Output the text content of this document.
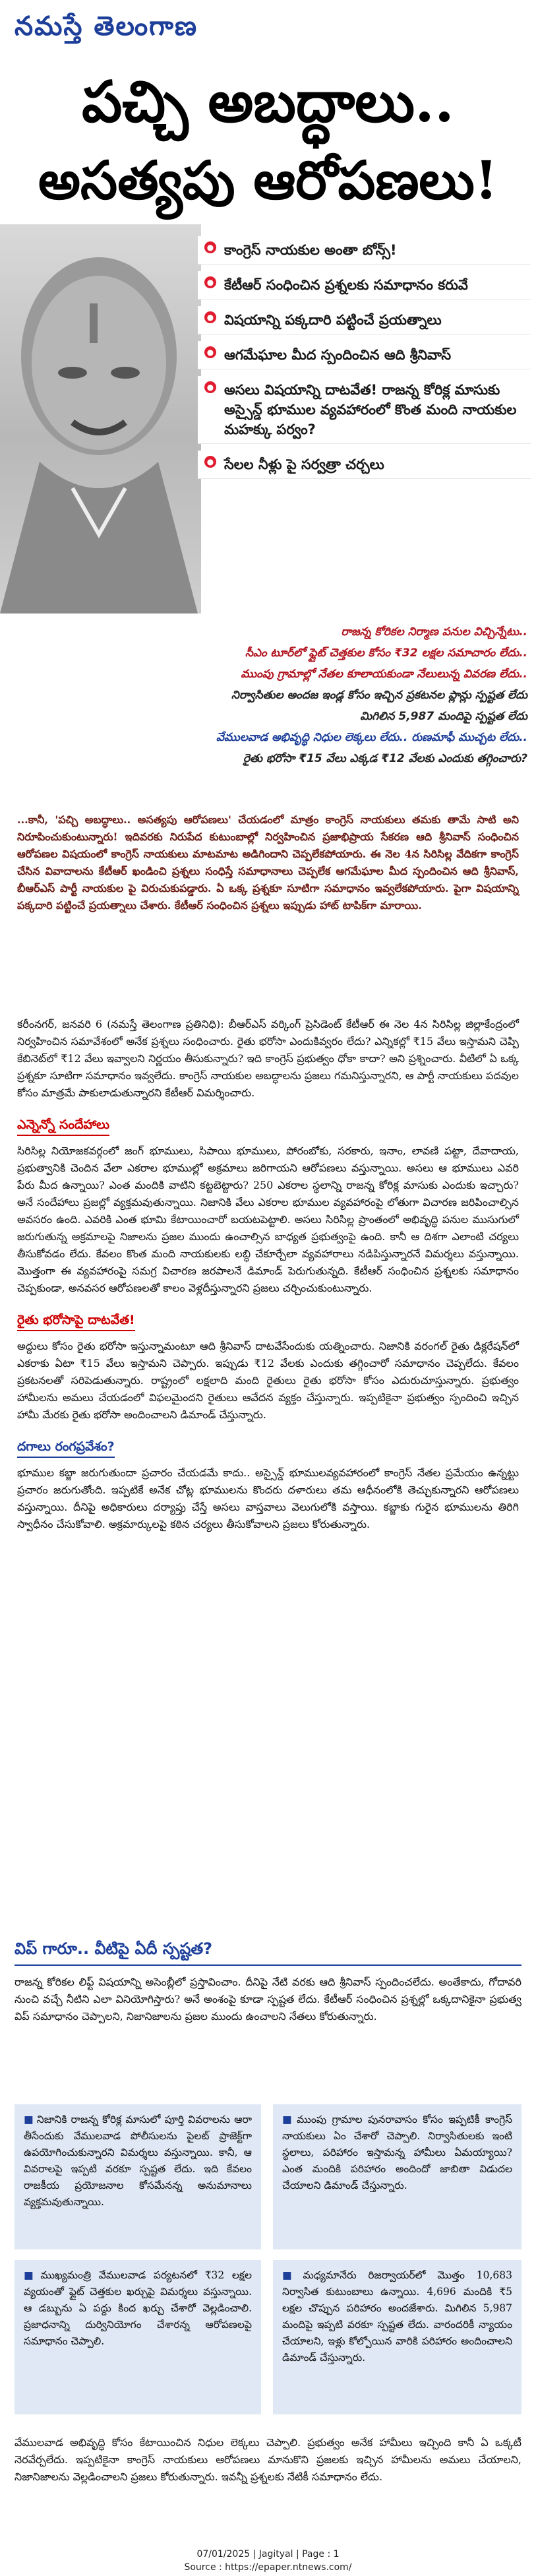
నమస్తే తెలంగాణ
పచ్చి అబద్ధాలు..
అసత్యపు ఆరోపణలు!
● కాంగ్రెస్ నాయకుల అంతా బోన్స్!
● కేటీఆర్ సంధించిన ప్రశ్నలకు సమాధానం కరువే
● విషయాన్ని పక్కదారి పట్టించే ప్రయత్నాలు
● ఆగమేఘాల మీద స్పందించిన ఆది శ్రీనివాస్
● అసలు విషయాన్ని దాటవేత! రాజన్న కోరిక్ల మాసుకు అస్సైన్డ్ భూముల వ్యవహారంలో కొంత మంది నాయకుల మహక్కు పర్వం?
● సేలల నీళ్లు పై సర్వత్రా చర్చలు
రాజన్న కోరికల నిర్మాణ పనుల విచ్చిన్నేటు..
సీఎం టూర్‌లో ఫ్లైట్ చెత్తకుల కోసం ₹32 లక్షల సమాచారం లేదు..
ముంపు గ్రామాల్లో నేతల కూలాయకుండా నేలులున్న వివరణ లేదు..
నిర్వాసితుల అందజ ఇండ్ల కోసం ఇచ్చిన ప్రకటనల ప్లాన్లు స్పష్టత లేదు
మిగిలిన 5,987 మందిపై స్పష్టత లేదు
వేములవాడ అభివృద్ధి నిధుల లెక్కలు లేదు.. రుణమాఫీ ముచ్చట లేదు..
రైతు భరోసా ₹15 వేలు ఎక్కడ ₹12 వేలకు ఎందుకు తగ్గించారు?
...కానీ, 'పచ్చి అబద్ధాలు.. అసత్యపు ఆరోపణలు' చేయడంలో మాత్రం కాంగ్రెస్ నాయకులు తమకు తామే సాటి అని నిరూపించుకుంటున్నారు! ఇదివరకు నిరుపేద కుటుంబాల్లో నిర్వహించిన ప్రజాభిప్రాయ సేకరణ ఆది శ్రీనివాస్ సంధించిన ఆరోపణల విషయంలో కాంగ్రెస్ నాయకులు మాటమాట అడిగిందాని చెప్పలేకపోయారు. ఈ నెల 4న సిరిసిల్ల వేదికగా కాంగ్రెస్ చేసిన వివాదాలను కేటీఆర్ ఖండించి ప్రశ్నలు సంధిస్తే సమాధానాలు చెప్పలేక ఆగమేఘాల మీద స్పందించిన ఆది శ్రీనివాస్, బీఆర్ఎస్ పార్టీ నాయకుల పై విరుచుకుపడ్డారు. ఏ ఒక్క ప్రశ్నకూ సూటిగా సమాధానం ఇవ్వలేకపోయారు. పైగా విషయాన్ని పక్కదారి పట్టించే ప్రయత్నాలు చేశారు. కేటీఆర్ సంధించిన ప్రశ్నలు ఇప్పుడు హాట్ టాపిక్‌గా మారాయి.

కరీంనగర్, జనవరి 6 (నమస్తే తెలంగాణ ప్రతినిధి): బీఆర్ఎస్ వర్కింగ్ ప్రెసిడెంట్ కేటీఆర్ ఈ నెల 4న సిరిసిల్ల జిల్లాకేంద్రంలో నిర్వహించిన సమావేశంలో అనేక ప్రశ్నలు సంధించారు. రైతు భరోసా ఎందుకివ్వరం లేదు? ఎన్నికల్లో ₹15 వేలు ఇస్తామని చెప్పి కేబినెట్‌లో ₹12 వేలు ఇవ్వాలని నిర్ణయం తీసుకున్నారు? ఇది కాంగ్రెస్ ప్రభుత్వం ధోకా కాదా? అని ప్రశ్నించారు. వీటిలో ఏ ఒక్క ప్రశ్నకూ సూటిగా సమాధానం ఇవ్వలేదు. కాంగ్రెస్ నాయకుల అబద్ధాలను ప్రజలు గమనిస్తున్నారని, ఆ పార్టీ నాయకులు పదవుల కోసం మాత్రమే పాకులాడుతున్నారని కేటీఆర్ విమర్శించారు.

ఎన్నెన్నో సందేహాలు

సిరిసిల్ల నియోజకవర్గంలో జంగ్ భూములు, సిపాయి భూములు, పోరంబోకు, సరకారు, ఇనాం, లావణి పట్టా, దేవాదాయ, ప్రభుత్వానికి చెందిన వేలా ఎకరాల భూముల్లో అక్రమాలు జరిగాయని ఆరోపణలు వస్తున్నాయి. అసలు ఆ భూములు ఎవరి పేరు మీద ఉన్నాయి? ఎంత మందికి వాటిని కట్టబెట్టారు? 250 ఎకరాల స్థలాన్ని రాజన్న కోరిక్ల మాసుకు ఎందుకు ఇచ్చారు? అనే సందేహాలు ప్రజల్లో వ్యక్తమవుతున్నాయి. నిజానికి వేలు ఎకరాల భూముల వ్యవహారంపై లోతుగా విచారణ జరిపించాల్సిన అవసరం ఉంది. ఎవరికి ఎంత భూమి కేటాయించారో బయటపెట్టాలి. అసలు సిరిసిల్ల ప్రాంతంలో అభివృద్ధి పనుల ముసుగులో జరుగుతున్న అక్రమాలపై నిజాలను ప్రజల ముందు ఉంచాల్సిన బాధ్యత ప్రభుత్వంపై ఉంది. కానీ ఆ దిశగా ఎలాంటి చర్యలు తీసుకోవడం లేదు. కేవలం కొంత మంది నాయకులకు లబ్ధి చేకూర్చేలా వ్యవహారాలు నడిపిస్తున్నారనే విమర్శలు వస్తున్నాయి. మొత్తంగా ఈ వ్యవహారంపై సమగ్ర విచారణ జరపాలనే డిమాండ్ పెరుగుతున్నది. కేటీఆర్ సంధించిన ప్రశ్నలకు సమాధానం చెప్పకుండా, అనవసర ఆరోపణలతో కాలం వెళ్లదీస్తున్నారని ప్రజలు చర్చించుకుంటున్నారు.

రైతు భరోసాపై దాటవేత!

అద్దులు కోసం రైతు భరోసా ఇస్తున్నామంటూ ఆది శ్రీనివాస్ దాటవేసేందుకు యత్నించారు. నిజానికి వరంగల్ రైతు డిక్లరేషన్‌లో ఎకరాకు ఏటా ₹15 వేలు ఇస్తామని చెప్పారు. ఇప్పుడు ₹12 వేలకు ఎందుకు తగ్గించారో సమాధానం చెప్పలేదు. కేవలం ప్రకటనలతో సరిపెడుతున్నారు. రాష్ట్రంలో లక్షలాది మంది రైతులు రైతు భరోసా కోసం ఎదురుచూస్తున్నారు. ప్రభుత్వం హామీలను అమలు చేయడంలో విఫలమైందని రైతులు ఆవేదన వ్యక్తం చేస్తున్నారు. ఇప్పటికైనా ప్రభుత్వం స్పందించి ఇచ్చిన హామీ మేరకు రైతు భరోసా అందించాలని డిమాండ్ చేస్తున్నారు.

దగాలు రంగప్రవేశం?

భూముల కబ్జా జరుగుతుందా ప్రచారం చేయడమే కాదు.. అస్సైన్డ్ భూములవ్యవహారంలో కాంగ్రెస్ నేతల ప్రమేయం ఉన్నట్టు ప్రచారం జరుగుతోంది. ఇప్పటికే అనేక చోట్ల భూములను కొందరు దళారులు తమ ఆధీనంలోకి తెచ్చుకున్నారని ఆరోపణలు వస్తున్నాయి. దీనిపై అధికారులు దర్యాప్తు చేస్తే అసలు వాస్తవాలు వెలుగులోకి వస్తాయి. కబ్జాకు గురైన భూములను తిరిగి స్వాధీనం చేసుకోవాలి. అక్రమార్కులపై కఠిన చర్యలు తీసుకోవాలని ప్రజలు కోరుతున్నారు.

విప్ గారూ.. వీటిపై ఏదీ స్పష్టత?
రాజన్న కోరికల లిఫ్ట్ విషయాన్ని అసెంబ్లీలో ప్రస్తావించాం. దీనిపై నేటి వరకు ఆది శ్రీనివాస్ స్పందించలేదు. అంతేకాదు, గోదావరి నుంచి వచ్చే నీటిని ఎలా వినియోగిస్తారు? అనే అంశంపై కూడా స్పష్టత లేదు. కేటీఆర్ సంధించిన ప్రశ్నల్లో ఒక్కదానికైనా ప్రభుత్వ విప్ సమాధానం చెప్పాలని, నిజానిజాలను ప్రజల ముందు ఉంచాలని నేతలు కోరుతున్నారు.
■ నిజానికి రాజన్న కోరిక్ల మాసులో పూర్తి వివరాలను ఆరా తీసేందుకు వేములవాడ పోలీసులను పైలట్ ప్రాజెక్ట్‌గా ఉపయోగించుకున్నారని విమర్శలు వస్తున్నాయి. కానీ, ఆ వివరాలపై ఇప్పటి వరకూ స్పష్టత లేదు. ఇది కేవలం రాజకీయ ప్రయోజనాల కోసమేనన్న అనుమానాలు వ్యక్తమవుతున్నాయి.
■ ముంపు గ్రామాల పునరావాసం కోసం ఇప్పటికీ కాంగ్రెస్ నాయకులు ఏం చేశారో చెప్పాలి. నిర్వాసితులకు ఇంటి స్థలాలు, పరిహారం ఇస్తామన్న హామీలు ఏమయ్యాయి? ఎంత మందికి పరిహారం అందిందో జాబితా విడుదల చేయాలని డిమాండ్ చేస్తున్నారు.
■ ముఖ్యమంత్రి వేములవాడ పర్యటనలో ₹32 లక్షల వ్యయంతో ఫ్లైట్ చెత్తకుల ఖర్చుపై విమర్శలు వస్తున్నాయి. ఆ డబ్బును ఏ పద్దు కింద ఖర్చు చేశారో వెల్లడించాలి. ప్రజాధనాన్ని దుర్వినియోగం చేశారన్న ఆరోపణలపై సమాధానం చెప్పాలి.
■ మధ్యమానేరు రిజర్వాయర్‌లో మొత్తం 10,683 నిర్వాసిత కుటుంబాలు ఉన్నాయి. 4,696 మందికి ₹5 లక్షల చొప్పున పరిహారం అందజేశారు. మిగిలిన 5,987 మందిపై ఇప్పటి వరకూ స్పష్టత లేదు. వారందరికీ న్యాయం చేయాలని, ఇళ్లు కోల్పోయిన వారికి పరిహారం అందించాలని డిమాండ్ చేస్తున్నారు.
వేములవాడ అభివృద్ధి కోసం కేటాయించిన నిధుల లెక్కలు చెప్పాలి. ప్రభుత్వం అనేక హామీలు ఇచ్చింది కానీ ఏ ఒక్కటీ నెరవేర్చలేదు. ఇప్పటికైనా కాంగ్రెస్ నాయకులు ఆరోపణలు మానుకొని ప్రజలకు ఇచ్చిన హామీలను అమలు చేయాలని, నిజానిజాలను వెల్లడించాలని ప్రజలు కోరుతున్నారు. ఇవన్నీ ప్రశ్నలకు నేటికీ సమాధానం లేదు.
07/01/2025 | Jagityal | Page : 1
Source : https://epaper.ntnews.com/
